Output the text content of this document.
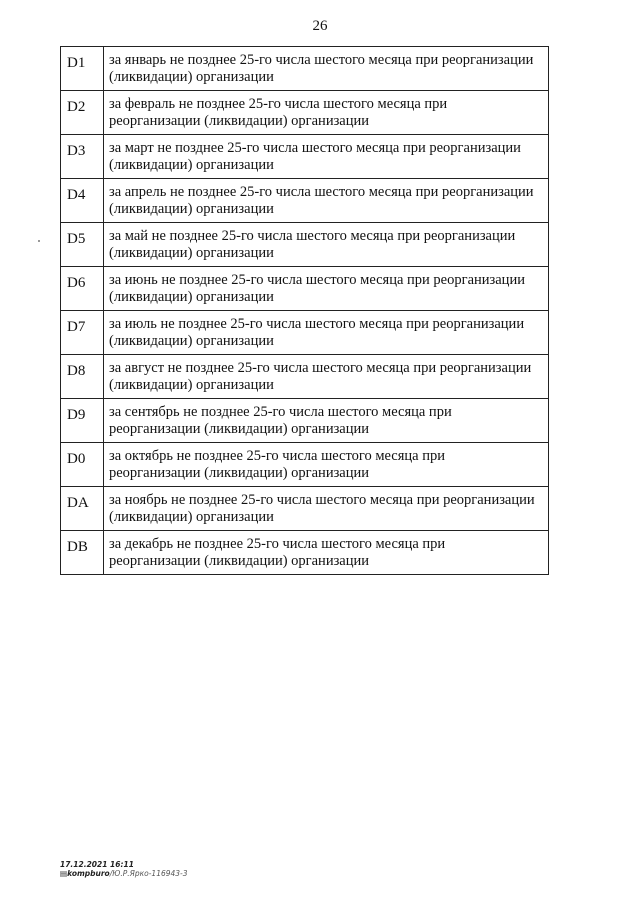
26
D1	за январь не позднее 25-го числа шестого месяца при реорганизации (ликвидации) организации
D2	за февраль не позднее 25-го числа шестого месяца при реорганизации (ликвидации) организации
D3	за март не позднее 25-го числа шестого месяца при реорганизации (ликвидации) организации
D4	за апрель не позднее 25-го числа шестого месяца при реорганизации (ликвидации) организации
D5	за май не позднее 25-го числа шестого месяца при реорганизации (ликвидации) организации
D6	за июнь не позднее 25-го числа шестого месяца при реорганизации (ликвидации) организации
D7	за июль не позднее 25-го числа шестого месяца при реорганизации (ликвидации) организации
D8	за август не позднее 25-го числа шестого месяца при реорганизации (ликвидации) организации
D9	за сентябрь не позднее 25-го числа шестого месяца при реорганизации (ликвидации) организации
D0	за октябрь не позднее 25-го числа шестого месяца при реорганизации (ликвидации) организации
DA	за ноябрь не позднее 25-го числа шестого месяца при реорганизации (ликвидации) организации
DB	за декабрь не позднее 25-го числа шестого месяца при реорганизации (ликвидации) организации
17.12.2021 16:11
▤kompburo/Ю.Р.Ярко-116943-3
